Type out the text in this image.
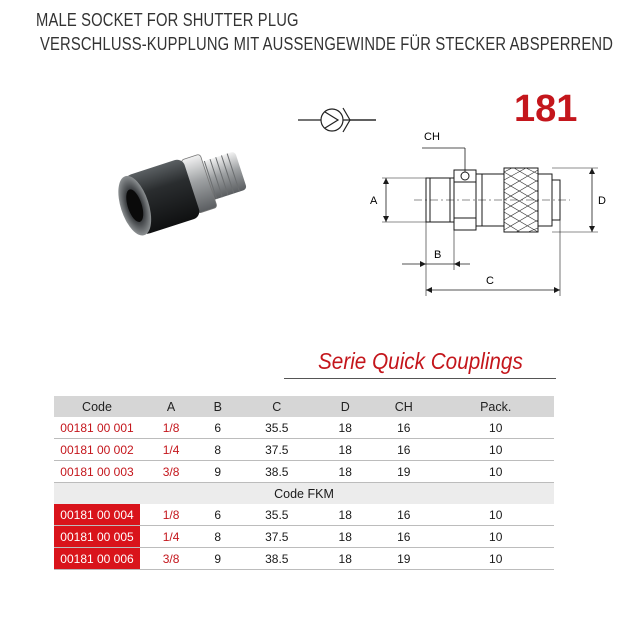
MALE SOCKET FOR SHUTTER PLUG
VERSCHLUSS-KUPPLUNG MIT AUSSENGEWINDE FÜR STECKER ABSPERREND
181
CH
A	D
B
C
Serie Quick Couplings
Code	A	B	C	D	CH	Pack.
00181 00 001	1/8	6	35.5	18	16	10
00181 00 002	1/4	8	37.5	18	16	10
00181 00 003	3/8	9	38.5	18	19	10
Code FKM						
00181 00 004	1/8	6	35.5	18	16	10
00181 00 005	1/4	8	37.5	18	16	10
00181 00 006	3/8	9	38.5	18	19	10
